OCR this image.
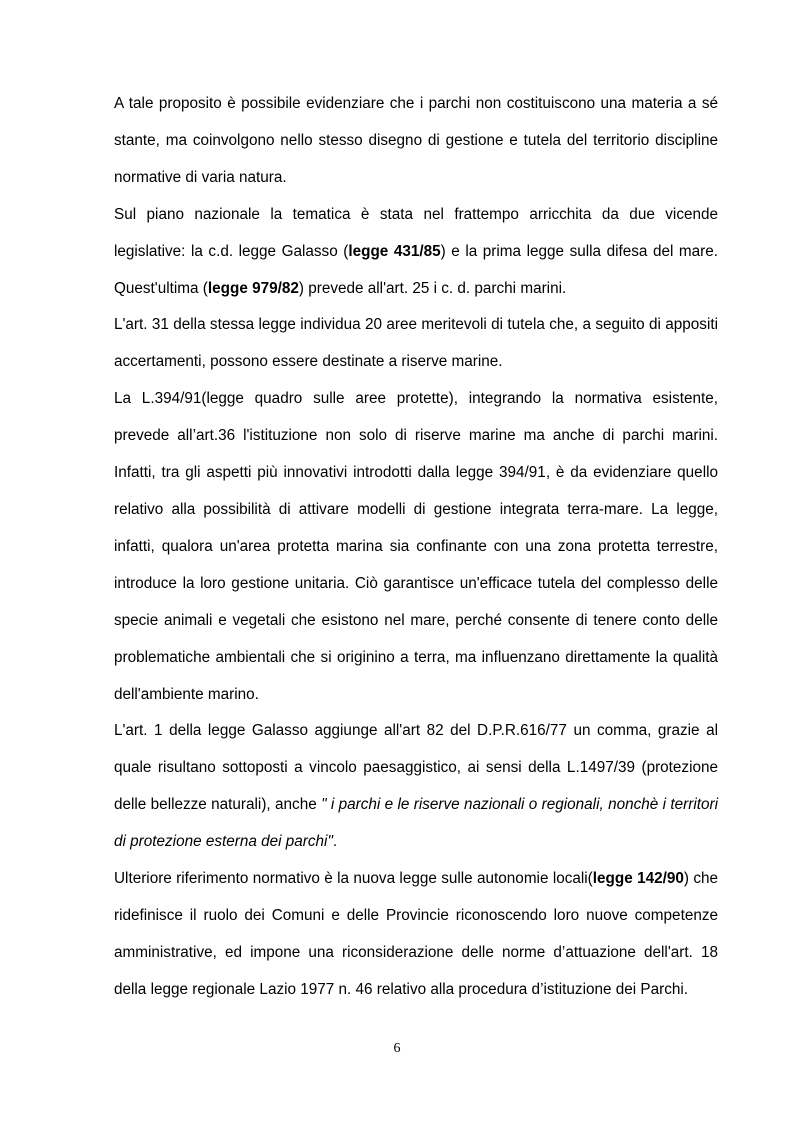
A tale proposito è possibile evidenziare che i parchi non costituiscono una materia a sé stante, ma coinvolgono nello stesso disegno di gestione e tutela del territorio discipline normative di varia natura.

Sul piano nazionale la tematica è stata nel frattempo arricchita da due vicende legislative: la c.d. legge Galasso (legge 431/85) e la prima legge sulla difesa del mare. Quest'ultima (legge 979/82) prevede all'art. 25 i c. d. parchi marini.

L'art. 31 della stessa legge individua 20 aree meritevoli di tutela che, a seguito di appositi accertamenti, possono essere destinate a riserve marine.

La L.394/91(legge quadro sulle aree protette), integrando la normativa esistente, prevede all’art.36 l'istituzione non solo di riserve marine ma anche di parchi marini. Infatti, tra gli aspetti più innovativi introdotti dalla legge 394/91, è da evidenziare quello relativo alla possibilità di attivare modelli di gestione integrata terra-mare. La legge, infatti, qualora un'area protetta marina sia confinante con una zona protetta terrestre, introduce la loro gestione unitaria. Ciò garantisce un'efficace tutela del complesso delle specie animali e vegetali che esistono nel mare, perché consente di tenere conto delle problematiche ambientali che si originino a terra, ma influenzano direttamente la qualità dell'ambiente marino.

L'art. 1 della legge Galasso aggiunge all'art 82 del D.P.R.616/77 un comma, grazie al quale risultano sottoposti a vincolo paesaggistico, ai sensi della L.1497/39 (protezione delle bellezze naturali), anche " i parchi e le riserve nazionali o regionali, nonchè i territori di protezione esterna dei parchi".

Ulteriore riferimento normativo è la nuova legge sulle autonomie locali(legge 142/90) che ridefinisce il ruolo dei Comuni e delle Provincie riconoscendo loro nuove competenze amministrative, ed impone una riconsiderazione delle norme d’attuazione dell'art. 18 della legge regionale Lazio 1977 n. 46 relativo alla procedura d’istituzione dei Parchi.

6
